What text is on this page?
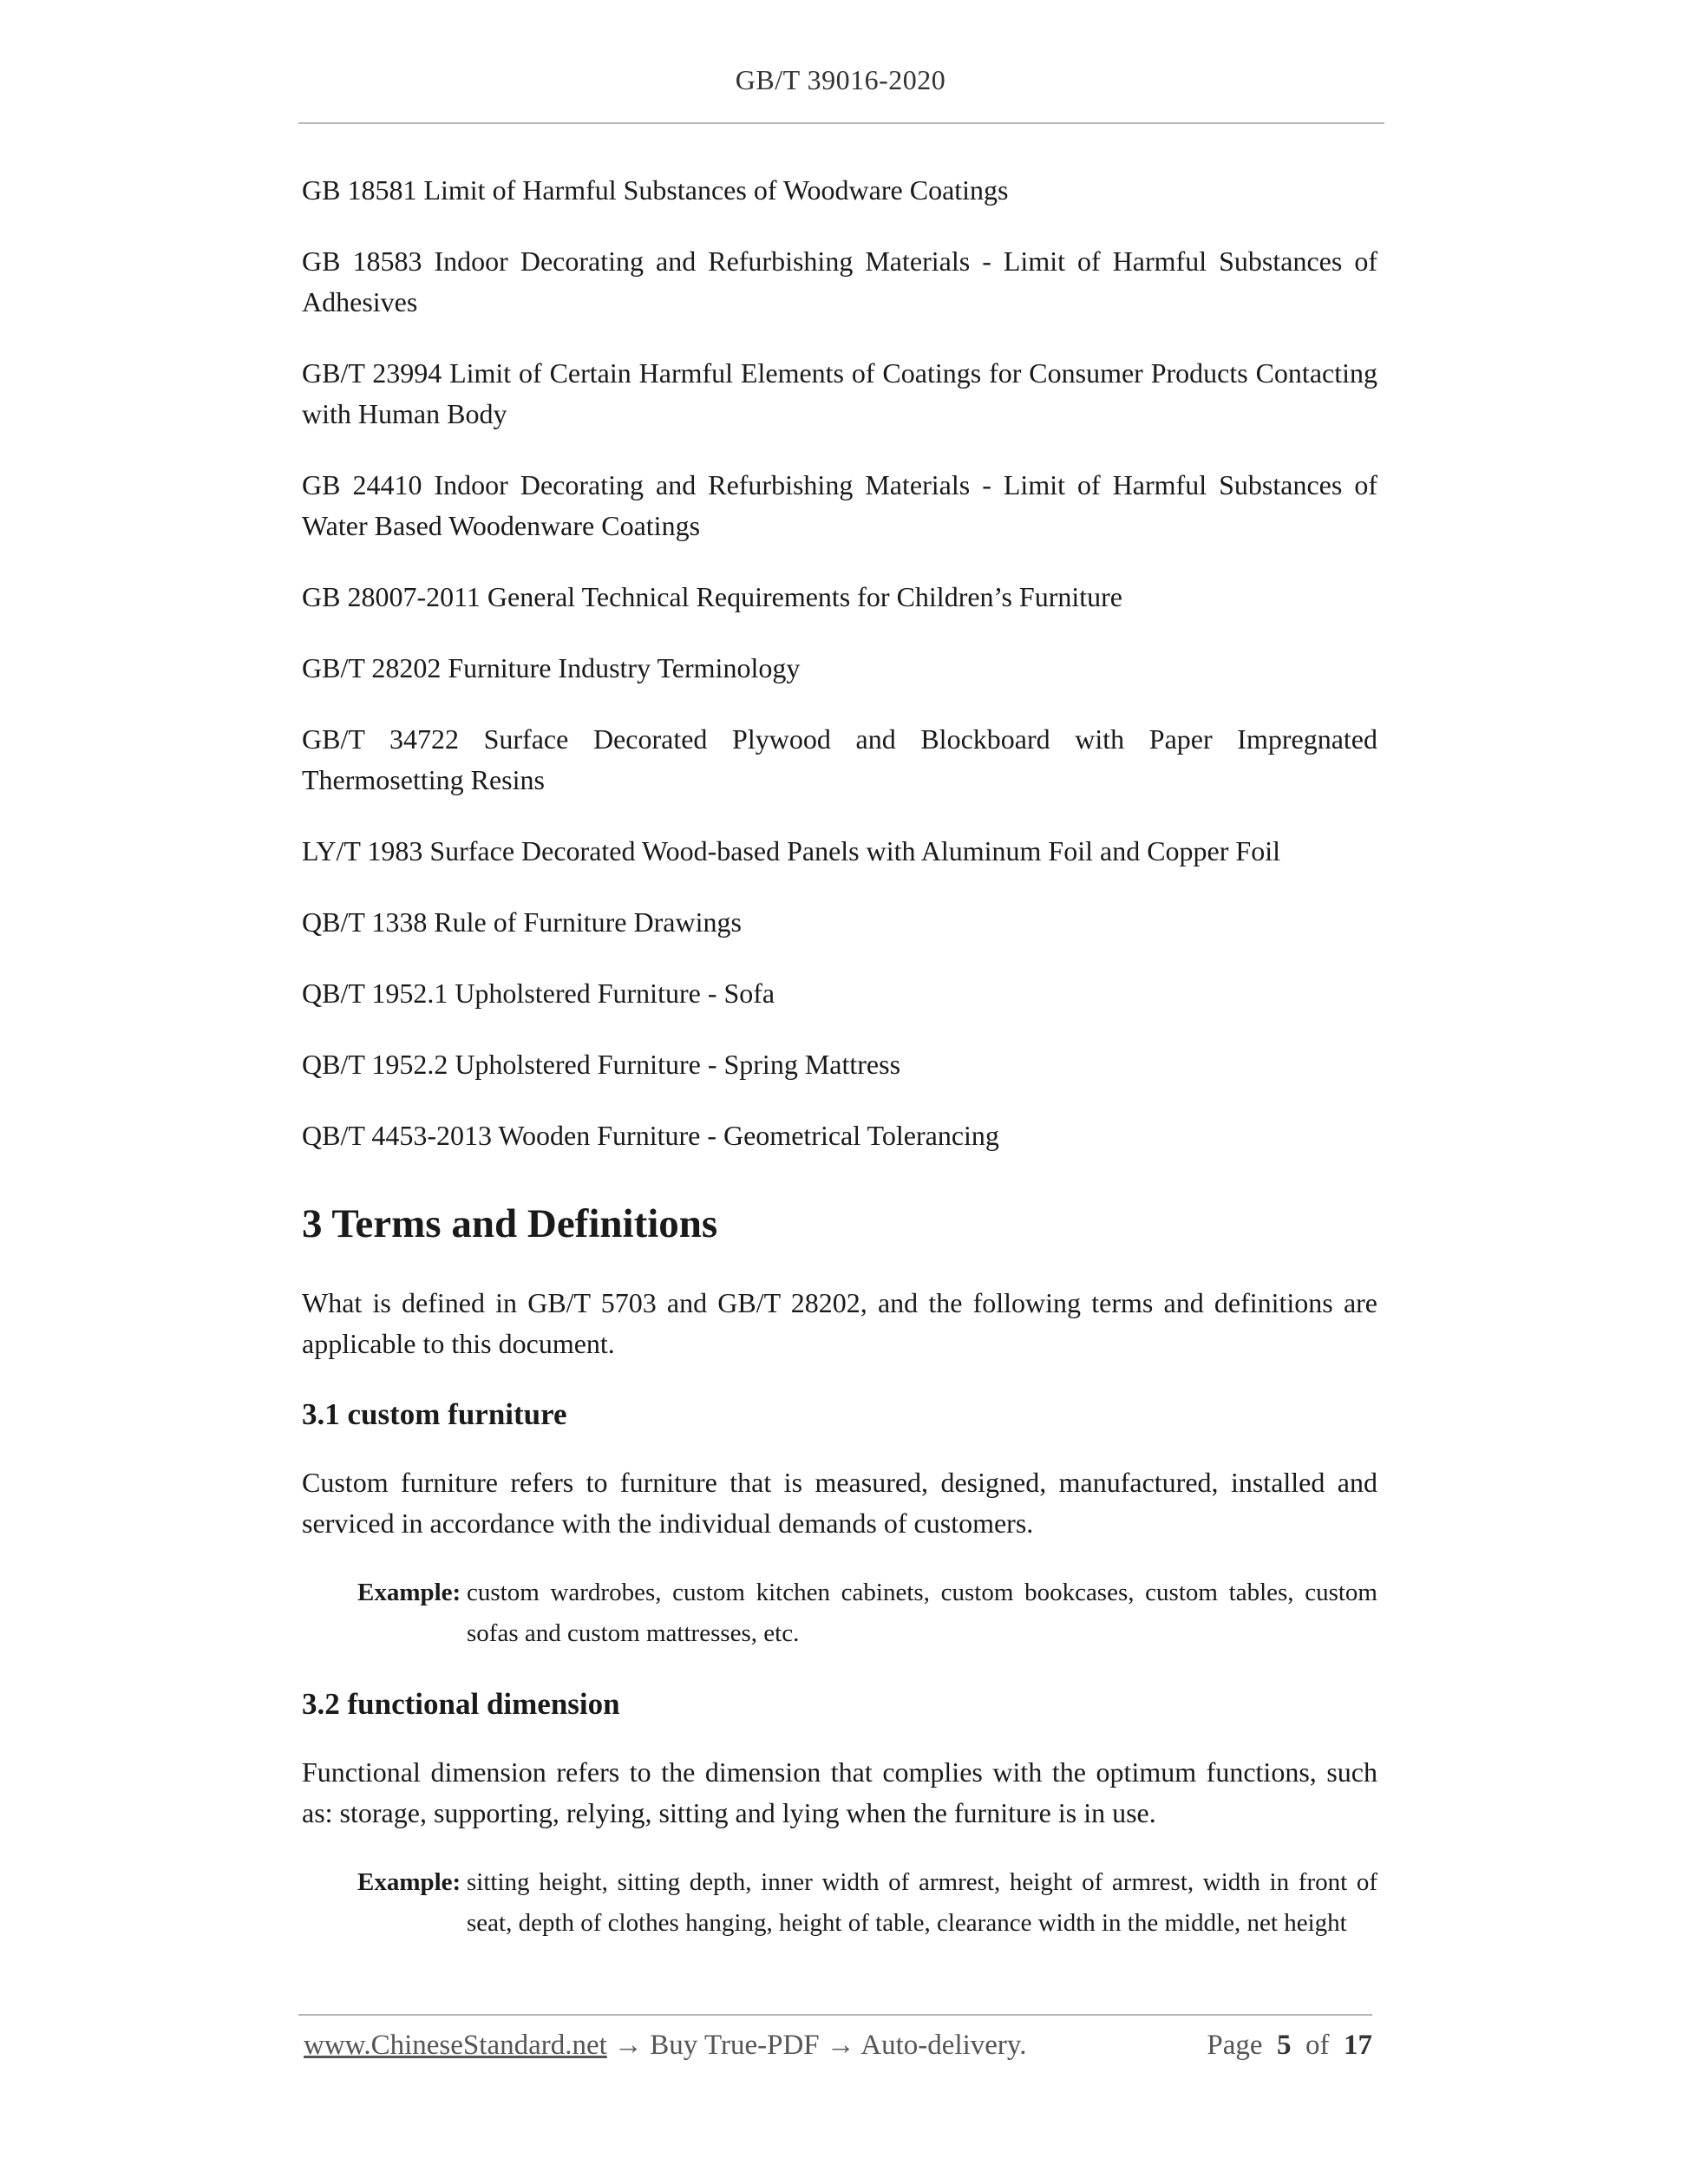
GB/T 39016-2020
GB 18581 Limit of Harmful Substances of Woodware Coatings
GB 18583 Indoor Decorating and Refurbishing Materials - Limit of Harmful Substances of Adhesives
GB/T 23994 Limit of Certain Harmful Elements of Coatings for Consumer Products Contacting with Human Body
GB 24410 Indoor Decorating and Refurbishing Materials - Limit of Harmful Substances of Water Based Woodenware Coatings
GB 28007-2011 General Technical Requirements for Children’s Furniture
GB/T 28202 Furniture Industry Terminology
GB/T 34722 Surface Decorated Plywood and Blockboard with Paper Impregnated Thermosetting Resins
LY/T 1983 Surface Decorated Wood-based Panels with Aluminum Foil and Copper Foil
QB/T 1338 Rule of Furniture Drawings
QB/T 1952.1 Upholstered Furniture - Sofa
QB/T 1952.2 Upholstered Furniture - Spring Mattress
QB/T 4453-2013 Wooden Furniture - Geometrical Tolerancing
3 Terms and Definitions

What is defined in GB/T 5703 and GB/T 28202, and the following terms and definitions are applicable to this document.

3.1 custom furniture

Custom furniture refers to furniture that is measured, designed, manufactured, installed and serviced in accordance with the individual demands of customers.

Example: custom wardrobes, custom kitchen cabinets, custom bookcases, custom tables, custom sofas and custom mattresses, etc.
3.2 functional dimension

Functional dimension refers to the dimension that complies with the optimum functions, such as: storage, supporting, relying, sitting and lying when the furniture is in use.

Example: sitting height, sitting depth, inner width of armrest, height of armrest, width in front of seat, depth of clothes hanging, height of table, clearance width in the middle, net height
www.ChineseStandard.net → Buy True-PDF → Auto-delivery.	Page 5 of 17
